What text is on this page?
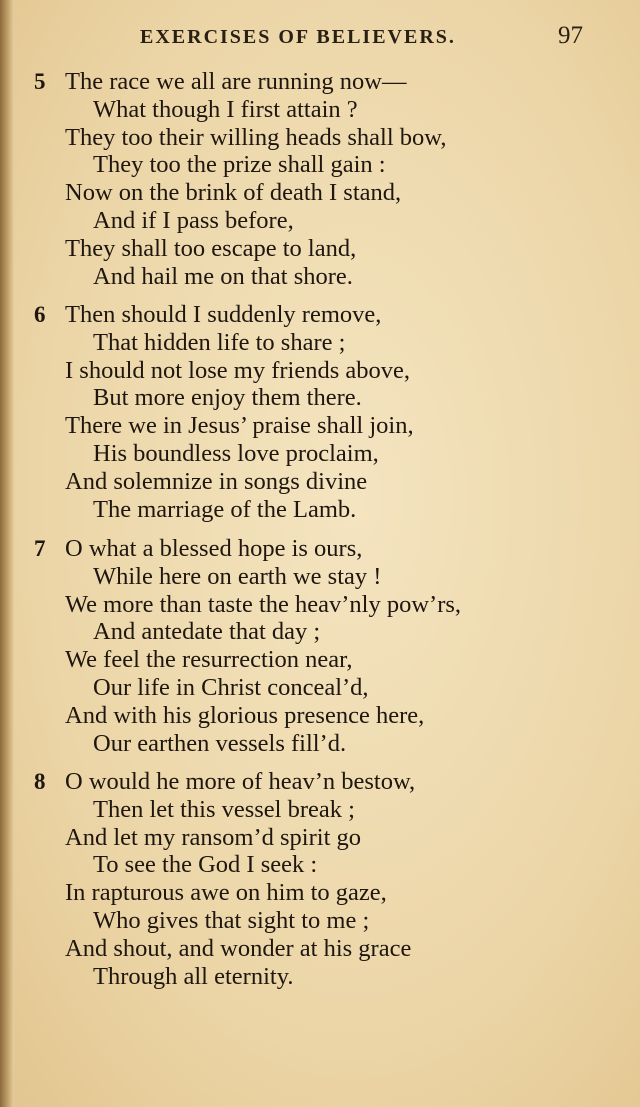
EXERCISES OF BELIEVERS.	97
5 The race we all are running now—
What though I first attain ?
They too their willing heads shall bow,
They too the prize shall gain :
Now on the brink of death I stand,
And if I pass before,
They shall too escape to land,
And hail me on that shore.
6 Then should I suddenly remove,
That hidden life to share ;
I should not lose my friends above,
But more enjoy them there.
There we in Jesus’ praise shall join,
His boundless love proclaim,
And solemnize in songs divine
The marriage of the Lamb.
7 O what a blessed hope is ours,
While here on earth we stay !
We more than taste the heav’nly pow’rs,
And antedate that day ;
We feel the resurrection near,
Our life in Christ conceal’d,
And with his glorious presence here,
Our earthen vessels fill’d.
8 O would he more of heav’n bestow,
Then let this vessel break ;
And let my ransom’d spirit go
To see the God I seek :
In rapturous awe on him to gaze,
Who gives that sight to me ;
And shout, and wonder at his grace
Through all eternity.
